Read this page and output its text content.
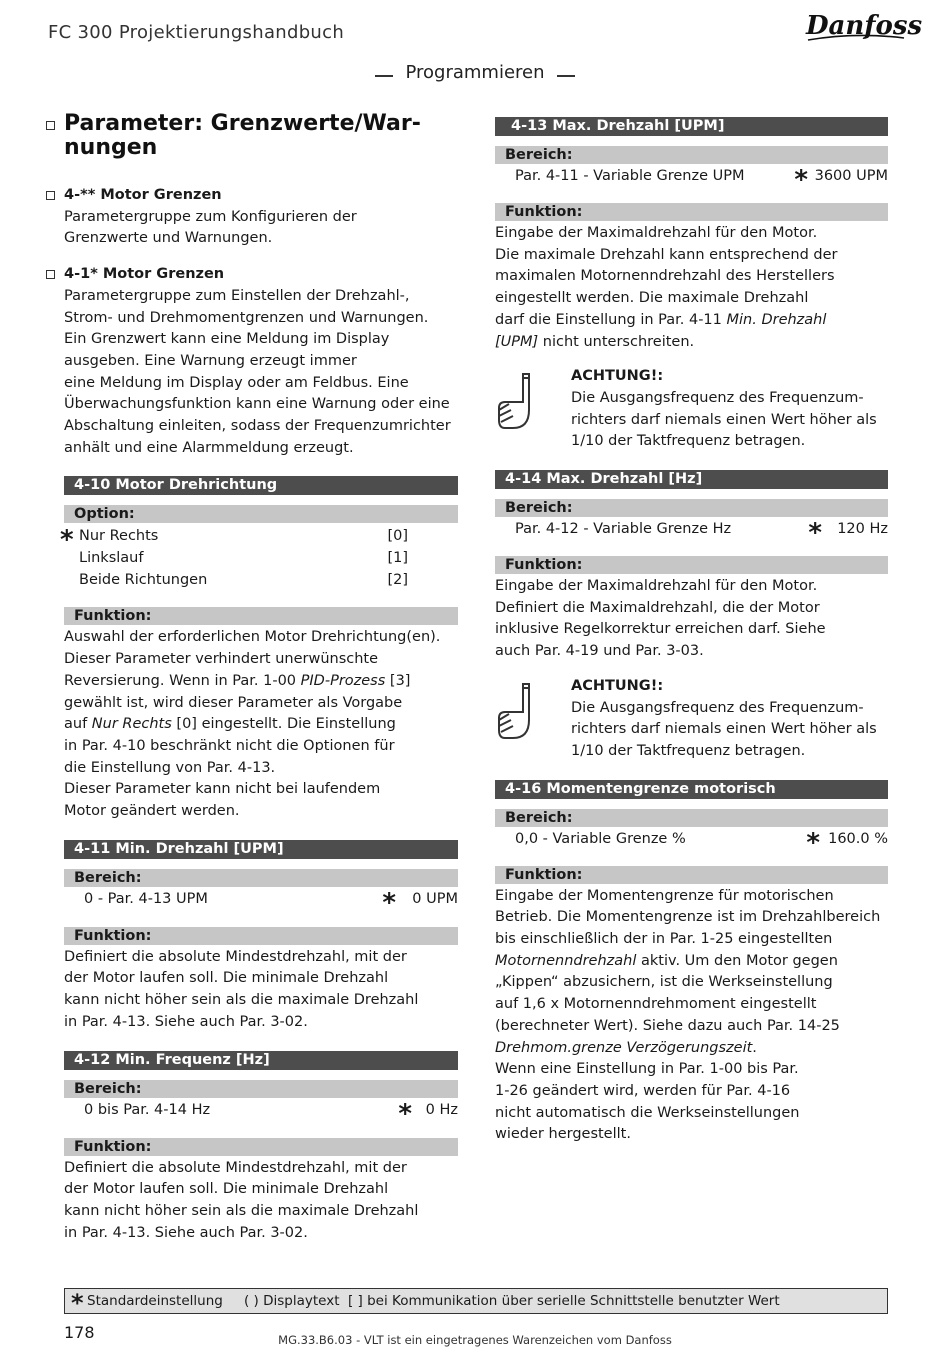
FC 300 Projektierungshandbuch	Danfoss
Programmieren
Parameter: Grenzwerte/War-
nungen
4-** Motor Grenzen

Parametergruppe zum Konfigurieren der

Grenzwerte und Warnungen.

4-1* Motor Grenzen

Parametergruppe zum Einstellen der Drehzahl-,

Strom- und Drehmomentgrenzen und Warnungen.

Ein Grenzwert kann eine Meldung im Display

ausgeben. Eine Warnung erzeugt immer

eine Meldung im Display oder am Feldbus. Eine

Überwachungsfunktion kann eine Warnung oder eine

Abschaltung einleiten, sodass der Frequenzumrichter

anhält und eine Alarmmeldung erzeugt.

4-10 Motor Drehrichtung
Option:
* Nur Rechts	[0]
Linkslauf	[1]
Beide Richtungen	[2]
Funktion:

Auswahl der erforderlichen Motor Drehrichtung(en).

Dieser Parameter verhindert unerwünschte

Reversierung. Wenn in Par. 1-00 PID-Prozess [3]

gewählt ist, wird dieser Parameter als Vorgabe

auf Nur Rechts [0] eingestellt. Die Einstellung

in Par. 4-10 beschränkt nicht die Optionen für

die Einstellung von Par. 4-13.

Dieser Parameter kann nicht bei laufendem

Motor geändert werden.

4-11 Min. Drehzahl [UPM]
Bereich:
0 - Par. 4-13 UPM	* 0 UPM
Funktion:

Definiert die absolute Mindestdrehzahl, mit der

der Motor laufen soll. Die minimale Drehzahl

kann nicht höher sein als die maximale Drehzahl

in Par. 4-13. Siehe auch Par. 3-02.

4-12 Min. Frequenz [Hz]
Bereich:
0 bis Par. 4-14 Hz	* 0 Hz
Funktion:

Definiert die absolute Mindestdrehzahl, mit der

der Motor laufen soll. Die minimale Drehzahl

kann nicht höher sein als die maximale Drehzahl

in Par. 4-13. Siehe auch Par. 3-02.

4-13 Max. Drehzahl [UPM]
Bereich:
Par. 4-11 - Variable Grenze UPM * 3600 UPM
Funktion:

Eingabe der Maximaldrehzahl für den Motor.

Die maximale Drehzahl kann entsprechend der

maximalen Motornenndrehzahl des Herstellers

eingestellt werden. Die maximale Drehzahl

darf die Einstellung in Par. 4-11 Min. Drehzahl

[UPM] nicht unterschreiten.

ACHTUNG!:

Die Ausgangsfrequenz des Frequenzum-

richters darf niemals einen Wert höher als

1/10 der Taktfrequenz betragen.

4-14 Max. Drehzahl [Hz]
Bereich:
Par. 4-12 - Variable Grenze Hz	* 120 Hz
Funktion:

Eingabe der Maximaldrehzahl für den Motor.

Definiert die Maximaldrehzahl, die der Motor

inklusive Regelkorrektur erreichen darf. Siehe

auch Par. 4-19 und Par. 3-03.

ACHTUNG!:

Die Ausgangsfrequenz des Frequenzum-

richters darf niemals einen Wert höher als

1/10 der Taktfrequenz betragen.

4-16 Momentengrenze motorisch
Bereich:
0,0 - Variable Grenze %	* 160.0 %
Funktion:

Eingabe der Momentengrenze für motorischen

Betrieb. Die Momentengrenze ist im Drehzahlbereich

bis einschließlich der in Par. 1-25 eingestellten

Motornenndrehzahl aktiv. Um den Motor gegen

„Kippen“ abzusichern, ist die Werkseinstellung

auf 1,6 x Motornenndrehmoment eingestellt

(berechneter Wert). Siehe dazu auch Par. 14-25

Drehmom.grenze Verzögerungszeit.

Wenn eine Einstellung in Par. 1-00 bis Par.

1-26 geändert wird, werden für Par. 4-16

nicht automatisch die Werkseinstellungen

wieder hergestellt.

* Standardeinstellung ( ) Displaytext [ ] bei Kommunikation über serielle Schnittstelle benutzter Wert
178	MG.33.B6.03 - VLT ist ein eingetragenes Warenzeichen vom Danfoss
